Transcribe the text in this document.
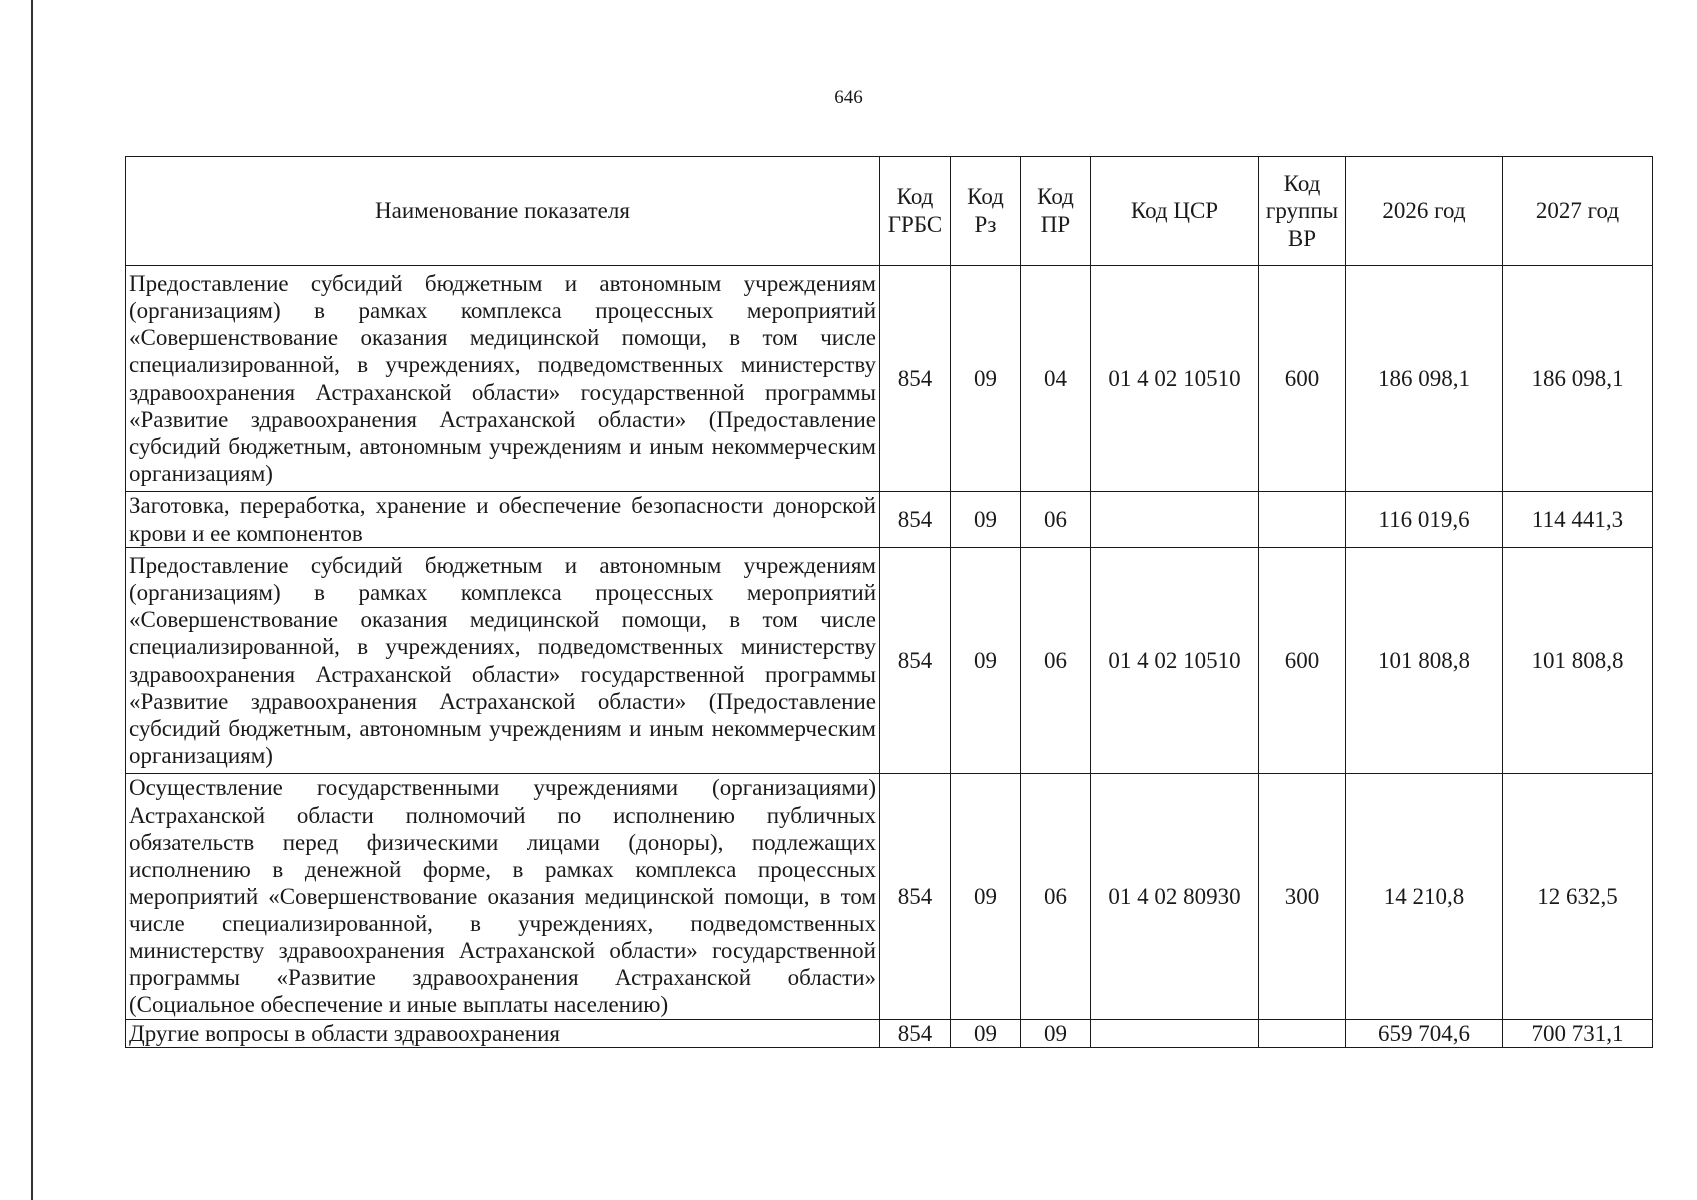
646
Наименование показателя	Код ГРБС	Код Рз	Код ПР	Код ЦСР	Код группы ВР	2026 год	2027 год
Предоставление субсидий бюджетным и автономным учреждениям (организациям) в рамках комплекса процессных мероприятий «Совершенствование оказания медицинской помощи, в том числе специализированной, в учреждениях, подведомственных министерству здравоохранения Астраханской области» государственной программы «Развитие здравоохранения Астраханской области» (Предоставление субсидий бюджетным, автономным учреждениям и иным некоммерческим организациям)	854	09	04	01 4 02 10510	600	186 098,1	186 098,1
Заготовка, переработка, хранение и обеспечение безопасности донорской крови и ее компонентов	854	09	06			116 019,6	114 441,3
Предоставление субсидий бюджетным и автономным учреждениям (организациям) в рамках комплекса процессных мероприятий «Совершенствование оказания медицинской помощи, в том числе специализированной, в учреждениях, подведомственных министерству здравоохранения Астраханской области» государственной программы «Развитие здравоохранения Астраханской области» (Предоставление субсидий бюджетным, автономным учреждениям и иным некоммерческим организациям)	854	09	06	01 4 02 10510	600	101 808,8	101 808,8
Осуществление государственными учреждениями (организациями) Астраханской области полномочий по исполнению публичных обязательств перед физическими лицами (доноры), подлежащих исполнению в денежной форме, в рамках комплекса процессных мероприятий «Совершенствование оказания медицинской помощи, в том числе специализированной, в учреждениях, подведомственных министерству здравоохранения Астраханской области» государственной программы «Развитие здравоохранения Астраханской области» (Социальное обеспечение и иные выплаты населению)	854	09	06	01 4 02 80930	300	14 210,8	12 632,5
Другие вопросы в области здравоохранения	854	09	09			659 704,6	700 731,1
